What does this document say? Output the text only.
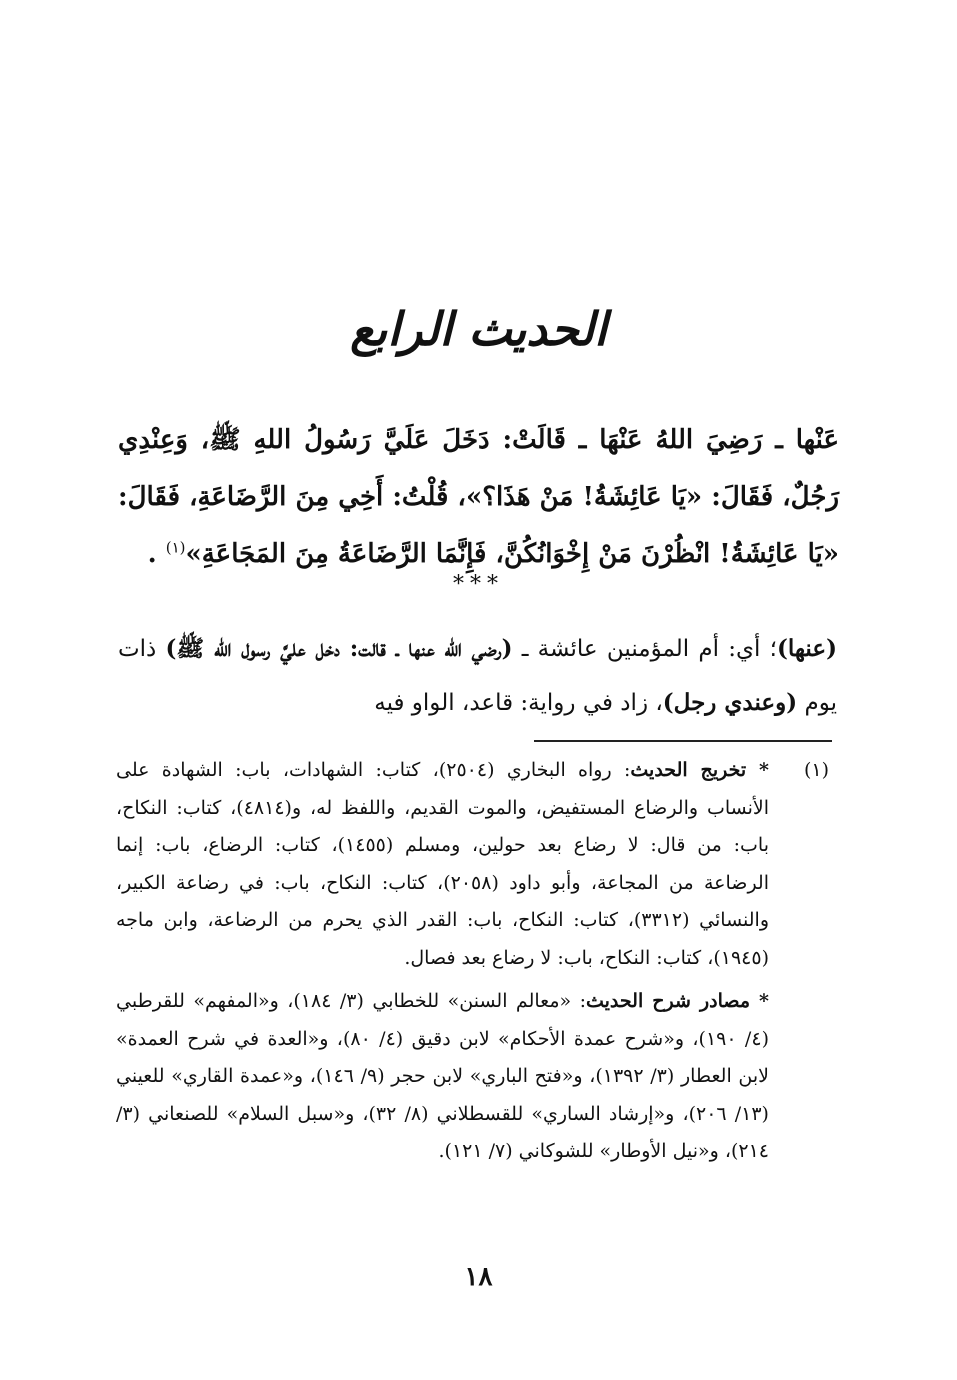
الحديث الرابع
عَنْها ـ رَضِيَ اللهُ عَنْهَا ـ قَالَتْ: دَخَلَ عَلَيَّ رَسُولُ اللهِ ﷺ، وَعِنْدِي رَجُلٌ، فَقَالَ: «يَا عَائِشَةُ! مَنْ هَذَا؟»، قُلْتُ: أَخِي مِنَ الرَّضَاعَةِ، فَقَالَ: «يَا عَائِشَةُ! انْظُرْنَ مَنْ إِخْوَانُكُنَّ، فَإِنَّمَا الرَّضَاعَةُ مِنَ المَجَاعَةِ»$^{(١)}$ .
***
(عنها)؛ أي: أم المؤمنين عائشة ـ (رضي الله عنها ـ قالت: دخل عليَّ رسول الله ﷺ) ذات يوم (وعندي رجل)، زاد في رواية: قاعد، الواو فيه
(١)
* تخريج الحديث: رواه البخاري (٢٥٠٤)، كتاب: الشهادات، باب: الشهادة على الأنساب والرضاع المستفيض، والموت القديم، واللفظ له، و(٤٨١٤)، كتاب: النكاح، باب: من قال: لا رضاع بعد حولين، ومسلم (١٤٥٥)، كتاب: الرضاع، باب: إنما الرضاعة من المجاعة، وأبو داود (٢٠٥٨)، كتاب: النكاح، باب: في رضاعة الكبير، والنسائي (٣٣١٢)، كتاب: النكاح، باب: القدر الذي يحرم من الرضاعة، وابن ماجه (١٩٤٥)، كتاب: النكاح، باب: لا رضاع بعد فصال.
* مصادر شرح الحديث: «معالم السنن» للخطابي (٣/ ١٨٤)، و«المفهم» للقرطبي (٤/ ١٩٠)، و«شرح عمدة الأحكام» لابن دقيق (٤/ ٨٠)، و«العدة في شرح العمدة» لابن العطار (٣/ ١٣٩٢)، و«فتح الباري» لابن حجر (٩/ ١٤٦)، و«عمدة القاري» للعيني (١٣/ ٢٠٦)، و«إرشاد الساري» للقسطلاني (٨/ ٣٢)، و«سبل السلام» للصنعاني (٣/ ٢١٤)، و«نيل الأوطار» للشوكاني (٧/ ١٢١).
١٨
